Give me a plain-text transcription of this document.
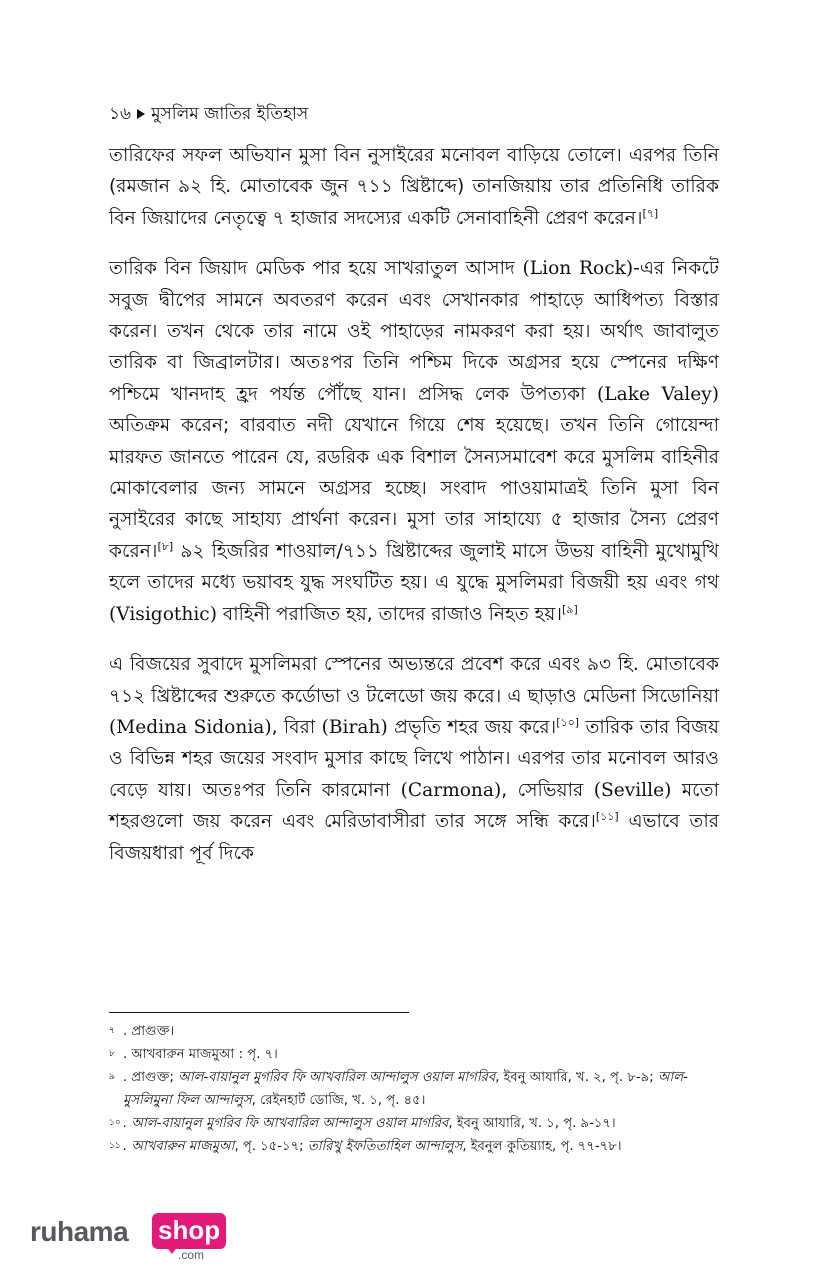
১৬ মুসলিম জাতির ইতিহাস

তারিফের সফল অভিযান মুসা বিন নুসাইরের মনোবল বাড়িয়ে তোলে। এরপর তিনি (রমজান ৯২ হি. মোতাবেক জুন ৭১১ খ্রিষ্টাব্দে) তানজিয়ায় তার প্রতিনিধি তারিক বিন জিয়াদের নেতৃত্বে ৭ হাজার সদস্যের একটি সেনাবাহিনী প্রেরণ করেন।[৭]

তারিক বিন জিয়াদ মেডিক পার হয়ে সাখরাতুল আসাদ (Lion Rock)-এর নিকটে সবুজ দ্বীপের সামনে অবতরণ করেন এবং সেখানকার পাহাড়ে আধিপত্য বিস্তার করেন। তখন থেকে তার নামে ওই পাহাড়ের নামকরণ করা হয়। অর্থাৎ জাবালুত তারিক বা জিব্রালটার। অতঃপর তিনি পশ্চিম দিকে অগ্রসর হয়ে স্পেনের দক্ষিণ পশ্চিমে খানদাহ হ্রদ পর্যন্ত পৌঁছে যান। প্রসিদ্ধ লেক উপত্যকা (Lake Valey) অতিক্রম করেন; বারবাত নদী যেখানে গিয়ে শেষ হয়েছে। তখন তিনি গোয়েন্দা মারফত জানতে পারেন যে, রডরিক এক বিশাল সৈন্যসমাবেশ করে মুসলিম বাহিনীর মোকাবেলার জন্য সামনে অগ্রসর হচ্ছে। সংবাদ পাওয়ামাত্রই তিনি মুসা বিন নুসাইরের কাছে সাহায্য প্রার্থনা করেন। মুসা তার সাহায্যে ৫ হাজার সৈন্য প্রেরণ করেন।[৮] ৯২ হিজরির শাওয়াল/৭১১ খ্রিষ্টাব্দের জুলাই মাসে উভয় বাহিনী মুখোমুখি হলে তাদের মধ্যে ভয়াবহ যুদ্ধ সংঘটিত হয়। এ যুদ্ধে মুসলিমরা বিজয়ী হয় এবং গথ (Visigothic) বাহিনী পরাজিত হয়, তাদের রাজাও নিহত হয়।[৯]

এ বিজয়ের সুবাদে মুসলিমরা স্পেনের অভ্যন্তরে প্রবেশ করে এবং ৯৩ হি. মোতাবেক ৭১২ খ্রিষ্টাব্দের শুরুতে কর্ডোভা ও টলেডো জয় করে। এ ছাড়াও মেডিনা সিডোনিয়া (Medina Sidonia), বিরা (Birah) প্রভৃতি শহর জয় করে।[১০] তারিক তার বিজয় ও বিভিন্ন শহর জয়ের সংবাদ মুসার কাছে লিখে পাঠান। এরপর তার মনোবল আরও বেড়ে যায়। অতঃপর তিনি কারমোনা (Carmona), সেভিয়ার (Seville) মতো শহরগুলো জয় করেন এবং মেরিডাবাসীরা তার সঙ্গে সন্ধি করে।[১১] এভাবে তার বিজয়ধারা পূর্ব দিকে

$^৭$ . প্রাগুক্ত।
$^৮$ . আখবারুন মাজমুআ : পৃ. ৭।
$^৯$ . প্রাগুক্ত; আল-বায়ানুল মুগরিব ফি আখবারিল আন্দালুস ওয়াল মাগরিব, ইবনু আযারি, খ. ২, পৃ. ৮-৯; আল-মুসলিমুনা ফিল আন্দালুস, রেইনহার্ট ডোজি, খ. ১, পৃ. ৪৫।
$^{১০}$ . আল-বায়ানুল মুগরিব ফি আখবারিল আন্দালুস ওয়াল মাগরিব, ইবনু আযারি, খ. ১, পৃ. ৯-১৭।
$^{১১}$ . আখবারুন মাজমুআ, পৃ. ১৫-১৭; তারিখু ইফতিতাহিল আন্দালুস, ইবনুল কুতিয়্যাহ, পৃ. ৭৭-৭৮।
ruhama shop
.com
